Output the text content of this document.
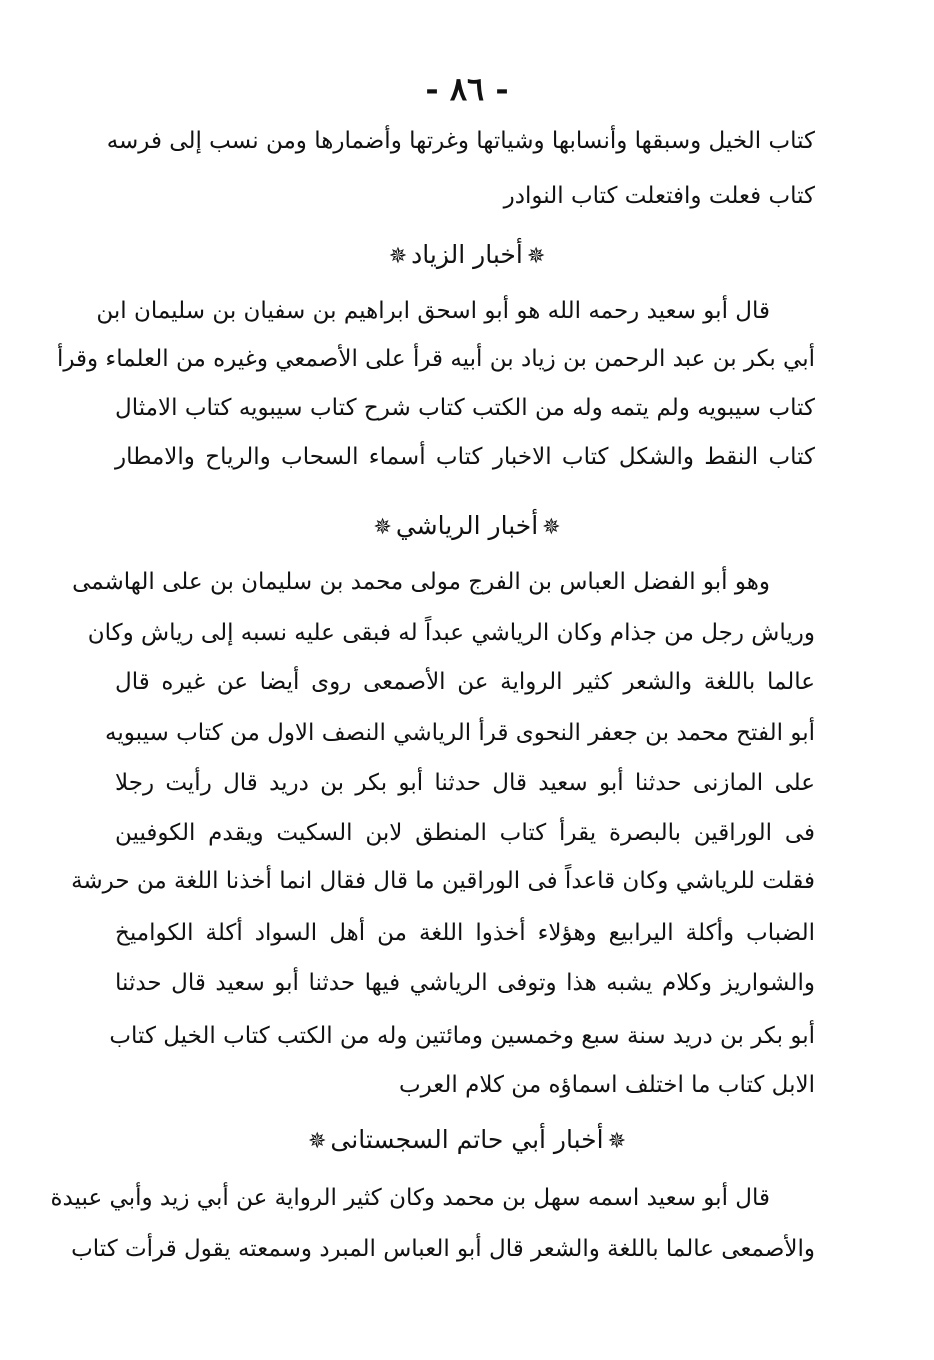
- ٨٦ -
كتاب الخيل وسبقها وأنسابها وشياتها وغرتها وأضمارها ومن نسب إلى فرسه
كتاب فعلت وافتعلت كتاب النوادر
✵أخبار الزياد✵
قال أبو سعيد رحمه الله هو أبو اسحق ابراهيم بن سفيان بن سليمان ابن
أبي بكر بن عبد الرحمن بن زياد بن أبيه قرأ على الأصمعي وغيره من العلماء وقرأ
كتاب سيبويه ولم يتمه وله من الكتب كتاب شرح كتاب سيبويه كتاب الامثال
كتاب النقط والشكل كتاب الاخبار كتاب أسماء السحاب والرياح والامطار
✵أخبار الرياشي✵
وهو أبو الفضل العباس بن الفرج مولى محمد بن سليمان بن على الهاشمى
ورياش رجل من جذام وكان الرياشي عبداً له فبقى عليه نسبه إلى رياش وكان
عالما باللغة والشعر كثير الرواية عن الأصمعى روى أيضا عن غيره قال
أبو الفتح محمد بن جعفر النحوى قرأ الرياشي النصف الاول من كتاب سيبويه
على المازنى حدثنا أبو سعيد قال حدثنا أبو بكر بن دريد قال رأيت رجلا
فى الوراقين بالبصرة يقرأ كتاب المنطق لابن السكيت ويقدم الكوفيين
فقلت للرياشي وكان قاعداً فى الوراقين ما قال فقال انما أخذنا اللغة من حرشة
الضباب وأكلة اليرابيع وهؤلاء أخذوا اللغة من أهل السواد أكلة الكواميخ
والشواريز وكلام يشبه هذا وتوفى الرياشي فيها حدثنا أبو سعيد قال حدثنا
أبو بكر بن دريد سنة سبع وخمسين ومائتين وله من الكتب كتاب الخيل كتاب
الابل كتاب ما اختلف اسماؤه من كلام العرب
✵أخبار أبي حاتم السجستانى✵
قال أبو سعيد اسمه سهل بن محمد وكان كثير الرواية عن أبي زيد وأبي عبيدة
والأصمعى عالما باللغة والشعر قال أبو العباس المبرد وسمعته يقول قرأت كتاب
